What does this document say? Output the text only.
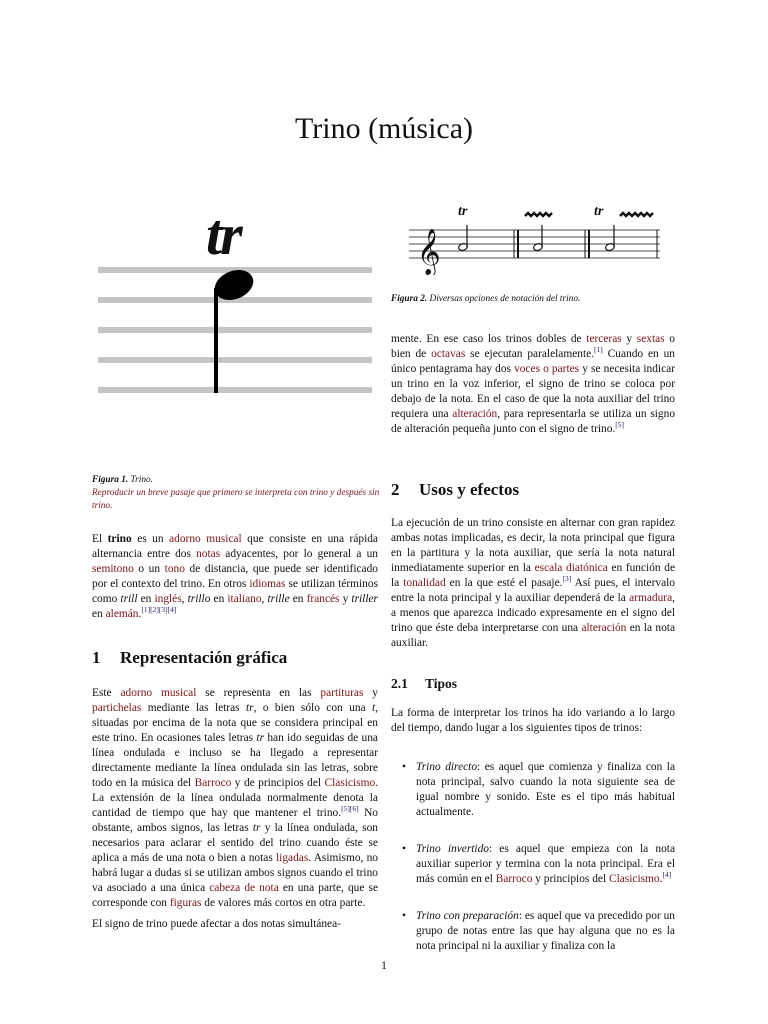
Trino (música)
tr
Figura 1. Trino.
Reproducir un breve pasaje que primero se interpreta con trino y después sin trino.
𝄞
tr	tr
Figura 2. Diversas opciones de notación del trino.

El trino es un adorno musical que consiste en una rápida alternancia entre dos notas adyacentes, por lo general a un semitono o un tono de distancia, que puede ser identificado por el contexto del trino. En otros idiomas se utilizan términos como trill en inglés, trillo en italiano, trille en francés y triller en alemán.[1][2][3][4]

1 Representación gráfica

Este adorno musical se representa en las partituras y partichelas mediante las letras tr, o bien sólo con una t, situadas por encima de la nota que se considera principal en este trino. En ocasiones tales letras tr han ido seguidas de una línea ondulada e incluso se ha llegado a representar directamente mediante la línea ondulada sin las letras, sobre todo en la música del Barroco y de principios del Clasicismo. La extensión de la línea ondulada normalmente denota la cantidad de tiempo que hay que mantener el trino.[5][6] No obstante, ambos signos, las letras tr y la línea ondulada, son necesarios para aclarar el sentido del trino cuando éste se aplica a más de una nota o bien a notas ligadas. Asimismo, no habrá lugar a dudas si se utilizan ambos signos cuando el trino va asociado a una única cabeza de nota en una parte, que se corresponde con figuras de valores más cortos en otra parte.

El signo de trino puede afectar a dos notas simultánea-

mente. En ese caso los trinos dobles de terceras y sextas o bien de octavas se ejecutan paralelamente.[1] Cuando en un único pentagrama hay dos voces o partes y se necesita indicar un trino en la voz inferior, el signo de trino se coloca por debajo de la nota. En el caso de que la nota auxiliar del trino requiera una alteración, para representarla se utiliza un signo de alteración pequeña junto con el signo de trino.[5]

2 Usos y efectos

La ejecución de un trino consiste en alternar con gran rapidez ambas notas implicadas, es decir, la nota principal que figura en la partitura y la nota auxiliar, que sería la nota natural inmediatamente superior en la escala diatónica en función de la tonalidad en la que esté el pasaje.[3] Así pues, el intervalo entre la nota principal y la auxiliar dependerá de la armadura, a menos que aparezca indicado expresamente en el signo del trino que éste deba interpretarse con una alteración en la nota auxiliar.

2.1 Tipos

La forma de interpretar los trinos ha ido variando a lo largo del tiempo, dando lugar a los siguientes tipos de trinos:

• Trino directo: es aquel que comienza y finaliza con la nota principal, salvo cuando la nota siguiente sea de igual nombre y sonido. Este es el tipo más habitual actualmente.
• Trino invertido: es aquel que empieza con la nota auxiliar superior y termina con la nota principal. Era el más común en el Barroco y principios del Clasicismo.[4]
• Trino con preparación: es aquel que va precedido por un grupo de notas entre las que hay alguna que no es la nota principal ni la auxiliar y finaliza con la
1
